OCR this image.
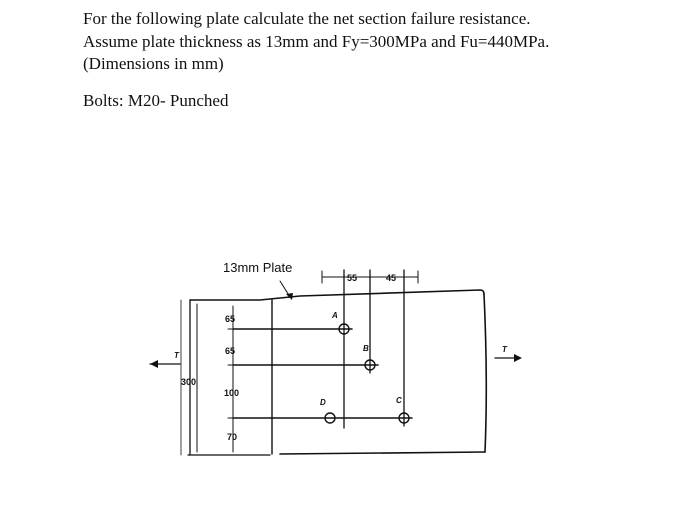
For the following plate calculate the net section failure resistance.

Assume plate thickness as 13mm and Fy=300MPa and Fu=440MPa.

(Dimensions in mm)

Bolts: M20- Punched

13mm Plate
55	45
300
65
65
100
70
T
T
A
B
C
D
